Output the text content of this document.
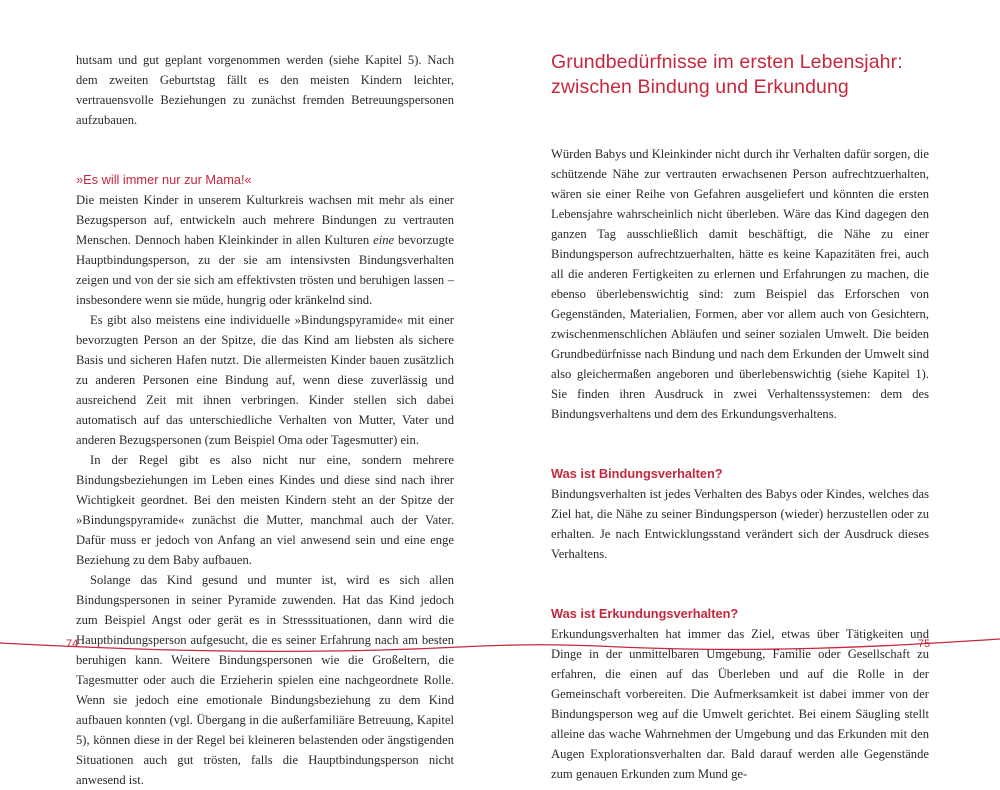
hutsam und gut geplant vorgenommen werden (siehe Kapitel 5). Nach dem zweiten Geburtstag fällt es den meisten Kindern leichter, vertrauensvolle Beziehungen zu zunächst fremden Betreuungspersonen aufzubauen.

»Es will immer nur zur Mama!«

Die meisten Kinder in unserem Kulturkreis wachsen mit mehr als einer Bezugsperson auf, entwickeln auch mehrere Bindungen zu vertrauten Menschen. Dennoch haben Kleinkinder in allen Kulturen eine bevorzugte Hauptbindungsperson, zu der sie am intensivsten Bindungsverhalten zeigen und von der sie sich am effektivsten trösten und beruhigen lassen – insbesondere wenn sie müde, hungrig oder kränkelnd sind.

Es gibt also meistens eine individuelle »Bindungspyramide« mit einer bevorzugten Person an der Spitze, die das Kind am liebsten als sichere Basis und sicheren Hafen nutzt. Die allermeisten Kinder bauen zusätzlich zu anderen Personen eine Bindung auf, wenn diese zuverlässig und ausreichend Zeit mit ihnen verbringen. Kinder stellen sich dabei automatisch auf das unterschiedliche Verhalten von Mutter, Vater und anderen Bezugspersonen (zum Beispiel Oma oder Tagesmutter) ein.

In der Regel gibt es also nicht nur eine, sondern mehrere Bindungsbeziehungen im Leben eines Kindes und diese sind nach ihrer Wichtigkeit geordnet. Bei den meisten Kindern steht an der Spitze der »Bindungspyramide« zunächst die Mutter, manchmal auch der Vater. Dafür muss er jedoch von Anfang an viel anwesend sein und eine enge Beziehung zu dem Baby aufbauen.

Solange das Kind gesund und munter ist, wird es sich allen Bindungspersonen in seiner Pyramide zuwenden. Hat das Kind jedoch zum Beispiel Angst oder gerät es in Stresssituationen, dann wird die Hauptbindungsperson aufgesucht, die es seiner Erfahrung nach am besten beruhigen kann. Weitere Bindungspersonen wie die Großeltern, die Tagesmutter oder auch die Erzieherin spielen eine nachgeordnete Rolle. Wenn sie jedoch eine emotionale Bindungsbeziehung zu dem Kind aufbauen konnten (vgl. Übergang in die außerfamiliäre Betreuung, Kapitel 5), können diese in der Regel bei kleineren belastenden oder ängstigenden Situationen auch gut trösten, falls die Hauptbindungsperson nicht anwesend ist.

Grundbedürfnisse im ersten Lebensjahr:
zwischen Bindung und Erkundung

Würden Babys und Kleinkinder nicht durch ihr Verhalten dafür sorgen, die schützende Nähe zur vertrauten erwachsenen Person aufrechtzuerhalten, wären sie einer Reihe von Gefahren ausgeliefert und könnten die ersten Lebensjahre wahrscheinlich nicht überleben. Wäre das Kind dagegen den ganzen Tag ausschließlich damit beschäftigt, die Nähe zu einer Bindungsperson aufrechtzuerhalten, hätte es keine Kapazitäten frei, auch all die anderen Fertigkeiten zu erlernen und Erfahrungen zu machen, die ebenso überlebenswichtig sind: zum Beispiel das Erforschen von Gegenständen, Materialien, Formen, aber vor allem auch von Gesichtern, zwischenmenschlichen Abläufen und seiner sozialen Umwelt. Die beiden Grundbedürfnisse nach Bindung und nach dem Erkunden der Umwelt sind also gleichermaßen angeboren und überlebenswichtig (siehe Kapitel 1). Sie finden ihren Ausdruck in zwei Verhaltenssystemen: dem des Bindungsverhaltens und dem des Erkundungsverhaltens.

Was ist Bindungsverhalten?

Bindungsverhalten ist jedes Verhalten des Babys oder Kindes, welches das Ziel hat, die Nähe zu seiner Bindungsperson (wieder) herzustellen oder zu erhalten. Je nach Entwicklungsstand verändert sich der Ausdruck dieses Verhaltens.

Was ist Erkundungsverhalten?

Erkundungsverhalten hat immer das Ziel, etwas über Tätigkeiten und Dinge in der unmittelbaren Umgebung, Familie oder Gesellschaft zu erfahren, die einen auf das Überleben und auf die Rolle in der Gemeinschaft vorbereiten. Die Aufmerksamkeit ist dabei immer von der Bindungsperson weg auf die Umwelt gerichtet. Bei einem Säugling stellt alleine das wache Wahrnehmen der Umgebung und das Erkunden mit den Augen Explorationsverhalten dar. Bald darauf werden alle Gegenstände zum genauen Erkunden zum Mund ge-

74	75
